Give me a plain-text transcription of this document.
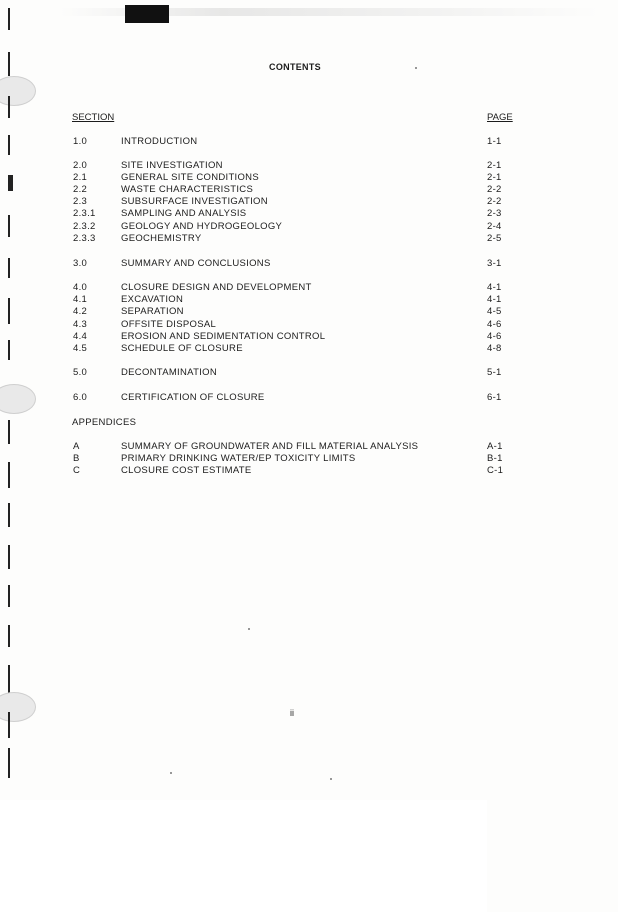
CONTENTS
SECTION	PAGE
1.0	INTRODUCTION	1-1
2.0	SITE INVESTIGATION	2-1
2.1	GENERAL SITE CONDITIONS	2-1
2.2	WASTE CHARACTERISTICS	2-2
2.3	SUBSURFACE INVESTIGATION	2-2
2.3.1	SAMPLING AND ANALYSIS	2-3
2.3.2	GEOLOGY AND HYDROGEOLOGY	2-4
2.3.3	GEOCHEMISTRY	2-5
3.0	SUMMARY AND CONCLUSIONS	3-1
4.0	CLOSURE DESIGN AND DEVELOPMENT	4-1
4.1	EXCAVATION	4-1
4.2	SEPARATION	4-5
4.3	OFFSITE DISPOSAL	4-6
4.4	EROSION AND SEDIMENTATION CONTROL	4-6
4.5	SCHEDULE OF CLOSURE	4-8
5.0	DECONTAMINATION	5-1
6.0	CERTIFICATION OF CLOSURE	6-1
APPENDICES
A	SUMMARY OF GROUNDWATER AND FILL MATERIAL ANALYSIS	A-1
B	PRIMARY DRINKING WATER/EP TOXICITY LIMITS	B-1
C	CLOSURE COST ESTIMATE	C-1
ii
